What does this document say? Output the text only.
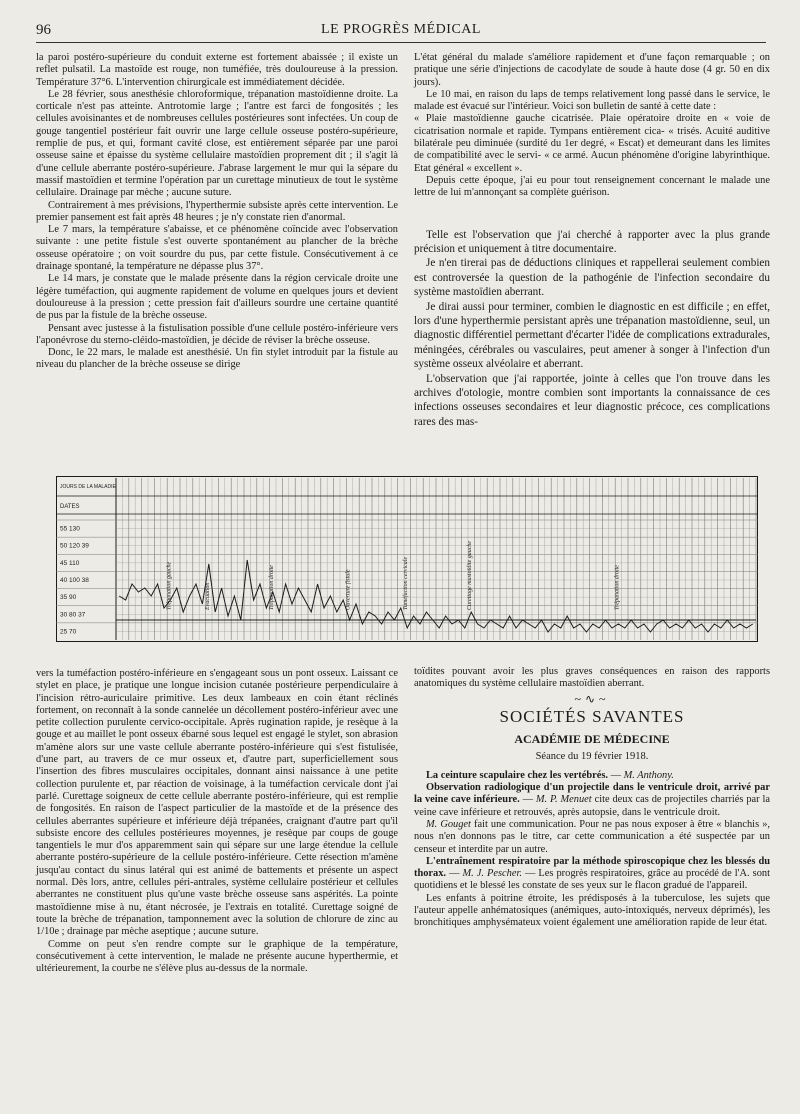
96	LE PROGRÈS MÉDICAL

la paroi postéro-supérieure du conduit externe est fortement abaissée ; il existe un reflet pulsatil. La mastoïde est rouge, non tuméfiée, très douloureuse à la pression. Température 37°6. L'intervention chirurgicale est immédiatement décidée.

Le 28 février, sous anesthésie chloroformique, trépanation mastoïdienne droite. La corticale n'est pas atteinte. Antrotomie large ; l'antre est farci de fongosités ; les cellules avoisinantes et de nombreuses cellules postérieures sont infectées. Un coup de gouge tangentiel postérieur fait ouvrir une large cellule osseuse postéro-supérieure, remplie de pus, et qui, formant cavité close, est entièrement séparée par une paroi osseuse saine et épaisse du système cellulaire mastoïdien proprement dit ; il s'agit là d'une cellule aberrante postéro-supérieure. J'abrase largement le mur qui la sépare du massif mastoïdien et termine l'opération par un curettage minutieux de tout le système cellulaire. Drainage par mèche ; aucune suture.

Contrairement à mes prévisions, l'hyperthermie subsiste après cette intervention. Le premier pansement est fait après 48 heures ; je n'y constate rien d'anormal.

Le 7 mars, la température s'abaisse, et ce phénomène coïncide avec l'observation suivante : une petite fistule s'est ouverte spontanément au plancher de la brèche osseuse opératoire ; on voit sourdre du pus, par cette fistule. Consécutivement à ce drainage spontané, la température ne dépasse plus 37°.

Le 14 mars, je constate que le malade présente dans la région cervicale droite une légère tuméfaction, qui augmente rapidement de volume en quelques jours et devient douloureuse à la pression ; cette pression fait d'ailleurs sourdre une certaine quantité de pus par la fistule de la brèche osseuse.

Pensant avec justesse à la fistulisation possible d'une cellule postéro-inférieure vers l'aponévrose du sterno-cléido-mastoïdien, je décide de réviser la brèche osseuse.

Donc, le 22 mars, le malade est anesthésié. Un fin stylet introduit par la fistule au niveau du plancher de la brèche osseuse se dirige

L'état général du malade s'améliore rapidement et d'une façon remarquable ; on pratique une série d'injections de cacodylate de soude à haute dose (4 gr. 50 en dix jours).

Le 10 mai, en raison du laps de temps relativement long passé dans le service, le malade est évacué sur l'intérieur. Voici son bulletin de santé à cette date :

« Plaie mastoïdienne gauche cicatrisée. Plaie opératoire droite en « voie de cicatrisation normale et rapide. Tympans entièrement cica- « trisés. Acuité auditive bilatérale peu diminuée (surdité du 1er degré, « Escat) et demeurant dans les limites de compatibilité avec le servi- « ce armé. Aucun phénomène d'origine labyrinthique. Etat général « excellent ».

Depuis cette époque, j'ai eu pour tout renseignement concernant le malade une lettre de lui m'annonçant sa complète guérison.

Telle est l'observation que j'ai cherché à rapporter avec la plus grande précision et uniquement à titre documentaire.

Je n'en tirerai pas de déductions cliniques et rappellerai seulement combien est controversée la question de la pathogénie de l'infection secondaire du système mastoïdien aberrant.

Je dirai aussi pour terminer, combien le diagnostic en est difficile ; en effet, lors d'une hyperthermie persistant après une trépanation mastoïdienne, seul, un diagnostic différentiel permettant d'écarter l'idée de complications extradurales, méningées, cérébrales ou vasculaires, peut amener à songer à l'infection d'un système osseux alvéolaire et aberrant.

L'observation que j'ai rapportée, jointe à celles que l'on trouve dans les archives d'otologie, montre combien sont importants la connaissance de ces infections osseuses secondaires et leur diagnostic précoce, ces complications rares des mas-

JOURS DE LA MALADIE
DATES
55 130
50 120 39
45 110
40 100 38
35 90
30 80 37
25 70
Trépanation gauche	Evacuation	Trépanation droite	Ouverture fistule	Tuméfaction cervicale	Curettage mastoïdite gauche	Trépanation droite

vers la tuméfaction postéro-inférieure en s'engageant sous un pont osseux. Laissant ce stylet en place, je pratique une longue incision cutanée postérieure perpendiculaire à l'incision rétro-auriculaire primitive. Les deux lambeaux en coin étant réclinés fortement, on reconnaît à la sonde cannelée un décollement postéro-inférieur avec une petite collection purulente cervico-occipitale. Après rugination rapide, je resèque à la gouge et au maillet le pont osseux ébarné sous lequel est engagé le stylet, son abrasion m'amène alors sur une vaste cellule aberrante postéro-inférieure qui s'est fistulisée, d'une part, au travers de ce mur osseux et, d'autre part, superficiellement sous l'insertion des fibres musculaires occipitales, donnant ainsi naissance à une petite collection purulente et, par réaction de voisinage, à la tuméfaction cervicale dont j'ai parlé. Curettage soigneux de cette cellule aberrante postéro-inférieure, qui est remplie de fongosités. En raison de l'aspect particulier de la mastoïde et de la présence des cellules aberrantes supérieure et inférieure déjà trépanées, craignant d'autre part qu'il subsiste encore des cellules postérieures moyennes, je resèque par coups de gouge tangentiels le mur d'os apparemment sain qui sépare sur une large étendue la cellule aberrante postéro-supérieure de la cellule postéro-inférieure. Cette résection m'amène jusqu'au contact du sinus latéral qui est animé de battements et présente un aspect normal. Dès lors, antre, cellules péri-antrales, système cellulaire postérieur et cellules aberrantes ne constituent plus qu'une vaste brèche osseuse sans aspérités. La pointe mastoïdienne mise à nu, étant nécrosée, je l'extrais en totalité. Curettage soigné de toute la brèche de trépanation, tamponnement avec la solution de chlorure de zinc au 1/10e ; drainage par mèche aseptique ; aucune suture.

Comme on peut s'en rendre compte sur le graphique de la température, consécutivement à cette intervention, le malade ne présente aucune hyperthermie, et ultérieurement, la courbe ne s'élève plus au-dessus de la normale.

toïdites pouvant avoir les plus graves conséquences en raison des rapports anatomiques du système cellulaire mastoïdien aberrant.

~∿~
SOCIÉTÉS SAVANTES
ACADÉMIE DE MÉDECINE
Séance du 19 février 1918.

La ceinture scapulaire chez les vertébrés. — M. Anthony.

Observation radiologique d'un projectile dans le ventricule droit, arrivé par la veine cave inférieure. — M. P. Menuet cite deux cas de projectiles charriés par la veine cave inférieure et retrouvés, après autopsie, dans le ventricule droit.

M. Gouget fait une communication. Pour ne pas nous exposer à être « blanchis », nous n'en donnons pas le titre, car cette communication a été suspectée par un censeur et interdite par un autre.

L'entraînement respiratoire par la méthode spiroscopique chez les blessés du thorax. — M. J. Pescher. — Les progrès respiratoires, grâce au procédé de l'A. sont quotidiens et le blessé les constate de ses yeux sur le flacon gradué de l'appareil.

Les enfants à poitrine étroite, les prédisposés à la tuberculose, les sujets que l'auteur appelle anhématosiques (anémiques, auto-intoxiqués, nerveux déprimés), les bronchitiques amphysémateux voient également une amélioration rapide de leur état.
